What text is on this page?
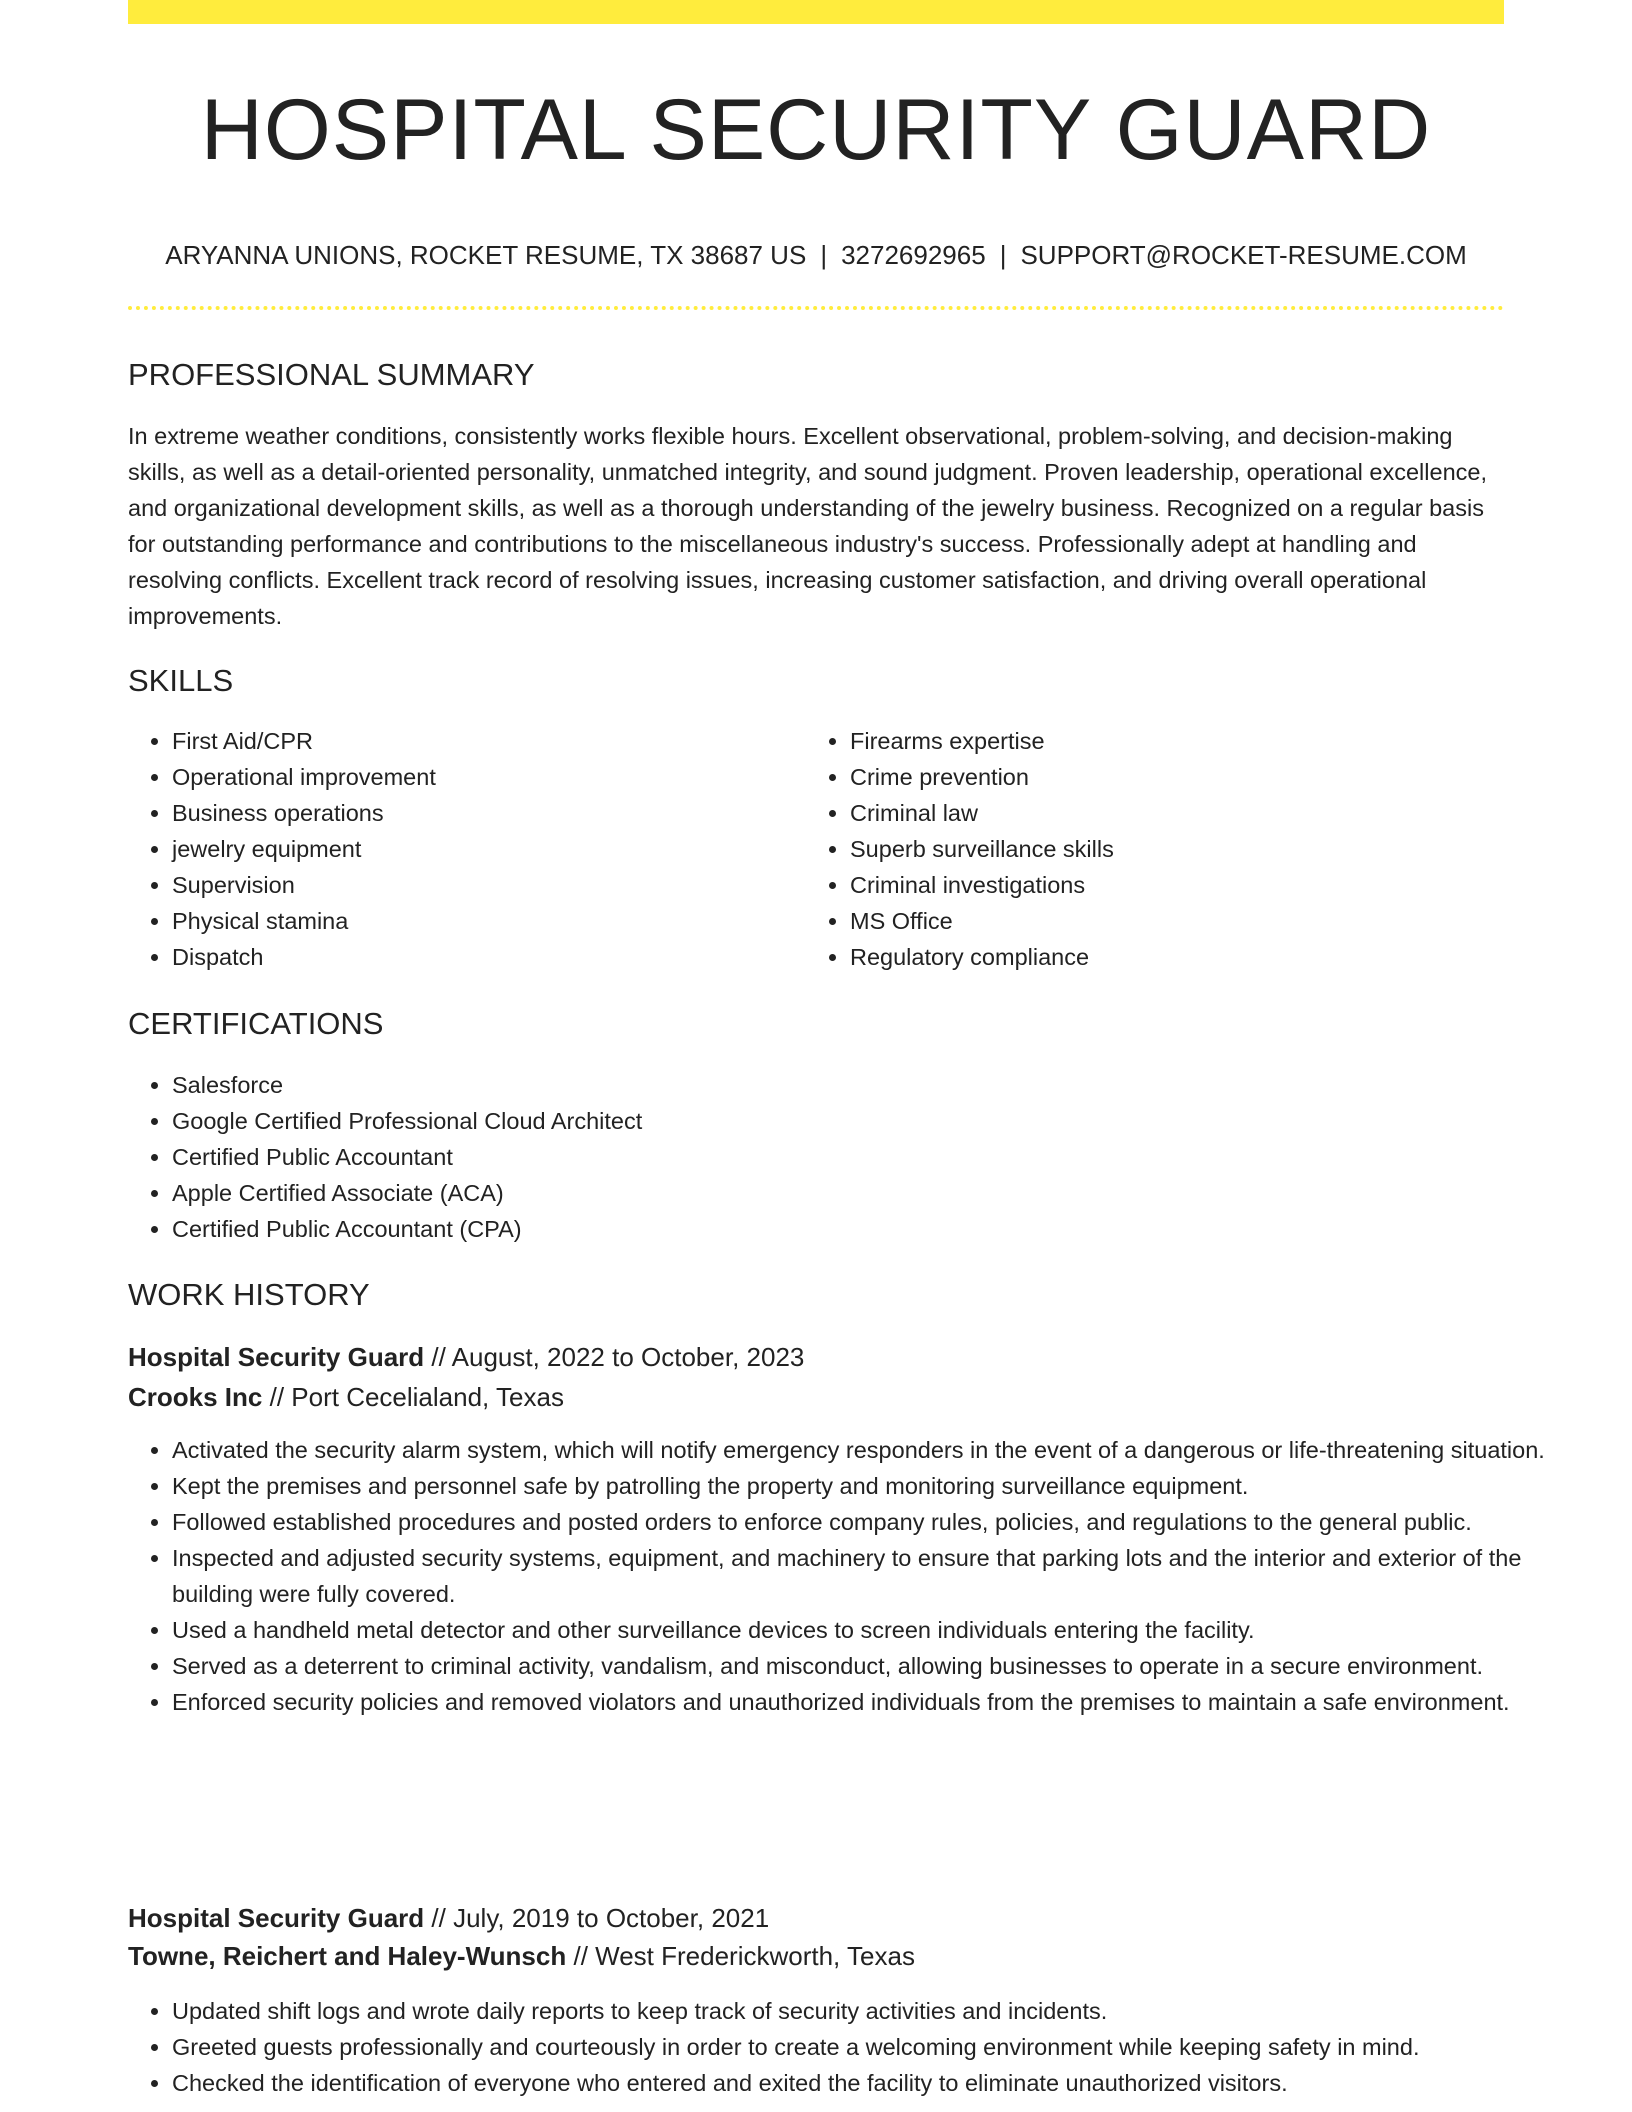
HOSPITAL SECURITY GUARD
ARYANNA UNIONS, ROCKET RESUME, TX 38687 US | 3272692965 | SUPPORT@ROCKET-RESUME.COM
PROFESSIONAL SUMMARY

In extreme weather conditions, consistently works flexible hours. Excellent observational, problem-solving, and decision-making skills, as well as a detail-oriented personality, unmatched integrity, and sound judgment. Proven leadership, operational excellence, and organizational development skills, as well as a thorough understanding of the jewelry business. Recognized on a regular basis for outstanding performance and contributions to the miscellaneous industry's success. Professionally adept at handling and resolving conflicts. Excellent track record of resolving issues, increasing customer satisfaction, and driving overall operational improvements.

SKILLS
• First Aid/CPR
• Operational improvement
• Business operations
• jewelry equipment
• Supervision
• Physical stamina
• Dispatch
• Firearms expertise
• Crime prevention
• Criminal law
• Superb surveillance skills
• Criminal investigations
• MS Office
• Regulatory compliance
CERTIFICATIONS
• Salesforce
• Google Certified Professional Cloud Architect
• Certified Public Accountant
• Apple Certified Associate (ACA)
• Certified Public Accountant (CPA)
WORK HISTORY
Hospital Security Guard // August, 2022 to October, 2023
Crooks Inc // Port Cecelialand, Texas
• Activated the security alarm system, which will notify emergency responders in the event of a dangerous or life-threatening situation.
• Kept the premises and personnel safe by patrolling the property and monitoring surveillance equipment.
• Followed established procedures and posted orders to enforce company rules, policies, and regulations to the general public.
• Inspected and adjusted security systems, equipment, and machinery to ensure that parking lots and the interior and exterior of the building were fully covered.
• Used a handheld metal detector and other surveillance devices to screen individuals entering the facility.
• Served as a deterrent to criminal activity, vandalism, and misconduct, allowing businesses to operate in a secure environment.
• Enforced security policies and removed violators and unauthorized individuals from the premises to maintain a safe environment.
Hospital Security Guard // July, 2019 to October, 2021
Towne, Reichert and Haley-Wunsch // West Frederickworth, Texas
• Updated shift logs and wrote daily reports to keep track of security activities and incidents.
• Greeted guests professionally and courteously in order to create a welcoming environment while keeping safety in mind.
• Checked the identification of everyone who entered and exited the facility to eliminate unauthorized visitors.
